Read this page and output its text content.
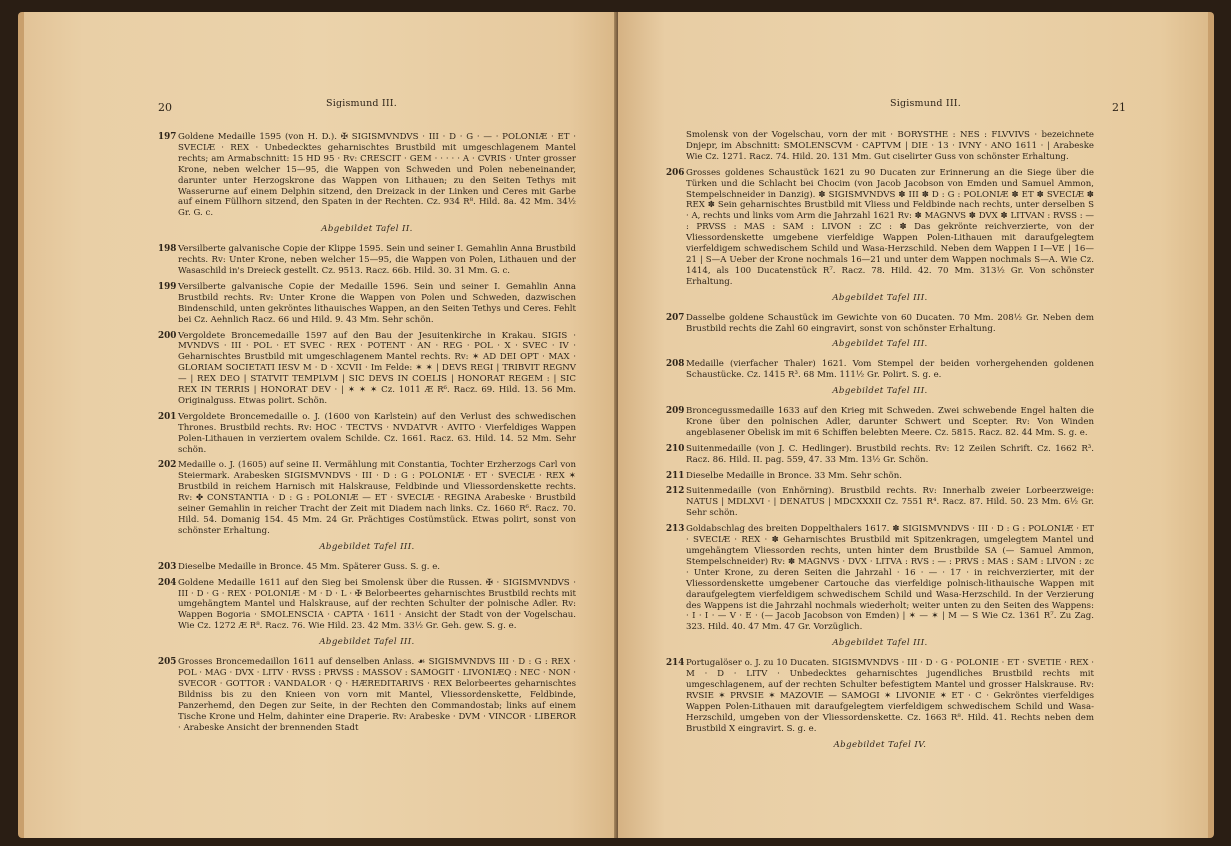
20	Sigismund III.
197 Goldene Medaille 1595 (von H. D.). ✠ SIGISMVNDVS · III · D · G · — · POLONIÆ · ET · SVECIÆ · REX · Unbedecktes geharnischtes Brustbild mit umgeschlagenem Mantel rechts; am Armabschnitt: 15 HD 95 · Rv: CRESCIT · GEM · · · · · A · CVRIS · Unter grosser Krone, neben welcher 15—95, die Wappen von Schweden und Polen nebeneinander, darunter unter Herzogskrone das Wappen von Lithauen; zu den Seiten Tethys mit Wasserurne auf einem Delphin sitzend, den Dreizack in der Linken und Ceres mit Garbe auf einem Füllhorn sitzend, den Spaten in der Rechten. Cz. 934 R⁸. Hild. 8a. 42 Mm. 34½ Gr. G. c.
Abgebildet Tafel II.
198 Versilberte galvanische Copie der Klippe 1595. Sein und seiner I. Gemahlin Anna Brustbild rechts. Rv: Unter Krone, neben welcher 15—95, die Wappen von Polen, Lithauen und der Wasaschild in's Dreieck gestellt. Cz. 9513. Racz. 66b. Hild. 30. 31 Mm. G. c.
199 Versilberte galvanische Copie der Medaille 1596. Sein und seiner I. Gemahlin Anna Brustbild rechts. Rv: Unter Krone die Wappen von Polen und Schweden, dazwischen Bindenschild, unten gekröntes lithauisches Wappen, an den Seiten Tethys und Ceres. Fehlt bei Cz. Aehnlich Racz. 66 und Hild. 9. 43 Mm. Sehr schön.
200 Vergoldete Broncemedaille 1597 auf den Bau der Jesuitenkirche in Krakau. SIGIS · MVNDVS · III · POL · ET SVEC · REX · POTENT · AN · REG · POL · X · SVEC · IV · Geharnischtes Brustbild mit umgeschlagenem Mantel rechts. Rv: ✶ AD DEI OPT · MAX · GLORIAM SOCIETATI IESV M · D · XCVII · Im Felde: ✶ ✶ | DEVS REGI | TRIBVIT REGNV— | REX DEO | STATVIT TEMPLVM | SIC DEVS IN COELIS | HONORAT REGEM : | SIC REX IN TERRIS | HONORAT DEV · | ✶ ✶ ✶ Cz. 1011 Æ R⁶. Racz. 69. Hild. 13. 56 Mm. Originalguss. Etwas polirt. Schön.
201 Vergoldete Broncemedaille o. J. (1600 von Karlstein) auf den Verlust des schwedischen Thrones. Brustbild rechts. Rv: HOC · TECTVS · NVDATVR · AVITO · Vierfeldiges Wappen Polen-Lithauen in verziertem ovalem Schilde. Cz. 1661. Racz. 63. Hild. 14. 52 Mm. Sehr schön.
202 Medaille o. J. (1605) auf seine II. Vermählung mit Constantia, Tochter Erzherzogs Carl von Steiermark. Arabesken SIGISMVNDVS · III · D : G : POLONIÆ · ET · SVECIÆ · REX ✶ Brustbild in reichem Harnisch mit Halskrause, Feldbinde und Vliessordenskette rechts. Rv: ✤ CONSTANTIA · D : G : POLONIÆ — ET · SVECIÆ · REGINA Arabeske · Brustbild seiner Gemahlin in reicher Tracht der Zeit mit Diadem nach links. Cz. 1660 R⁶. Racz. 70. Hild. 54. Domanig 154. 45 Mm. 24 Gr. Prächtiges Costümstück. Etwas polirt, sonst von schönster Erhaltung.
Abgebildet Tafel III.
203 Dieselbe Medaille in Bronce. 45 Mm. Späterer Guss. S. g. e.
204 Goldene Medaille 1611 auf den Sieg bei Smolensk über die Russen. ✠ · SIGISMVNDVS · III · D · G · REX · POLONIÆ · M · D · L · ✠ Belorbeertes geharnischtes Brustbild rechts mit umgehängtem Mantel und Halskrause, auf der rechten Schulter der polnische Adler. Rv: Wappen Bogoria · SMOLENSCIA · CAPTA · 1611 · Ansicht der Stadt von der Vogelschau. Wie Cz. 1272 Æ R⁸. Racz. 76. Wie Hild. 23. 42 Mm. 33½ Gr. Geh. gew. S. g. e.
Abgebildet Tafel III.
205 Grosses Broncemedaillon 1611 auf denselben Anlass. ☙ SIGISMVNDVS III · D : G : REX · POL · MAG · DVX · LITV · RVSS : PRVSS : MASSOV : SAMOGIT · LIVONIÆQ : NEC · NON · SVECOR · GOTTOR : VANDALOR · Q · HÆREDITARIVS · REX Belorbeertes geharnischtes Bildniss bis zu den Knieen von vorn mit Mantel, Vliessordenskette, Feldbinde, Panzerhemd, den Degen zur Seite, in der Rechten den Commandostab; links auf einem Tische Krone und Helm, dahinter eine Draperie. Rv: Arabeske · DVM · VINCOR · LIBEROR · Arabeske Ansicht der brennenden Stadt
Sigismund III.	21
Smolensk von der Vogelschau, vorn der mit · BORYSTHE : NES : FLVVIVS · bezeichnete Dnjepr, im Abschnitt: SMOLENSCVM · CAPTVM | DIE · 13 · IVNY · ANO 1611 · | Arabeske Wie Cz. 1271. Racz. 74. Hild. 20. 131 Mm. Gut ciselirter Guss von schönster Erhaltung.
206 Grosses goldenes Schaustück 1621 zu 90 Ducaten zur Erinnerung an die Siege über die Türken und die Schlacht bei Chocim (von Jacob Jacobson von Emden und Samuel Ammon, Stempelschneider in Danzig). ✽ SIGISMVNDVS ✽ III ✽ D : G : POLONIÆ ✽ ET ✽ SVECIÆ ✽ REX ✽ Sein geharnischtes Brustbild mit Vliess und Feldbinde nach rechts, unter derselben S · A, rechts und links vom Arm die Jahrzahl 1621 Rv: ✽ MAGNVS ✽ DVX ✽ LITVAN : RVSS : — : PRVSS : MAS : SAM : LIVON : ZC : ✽ Das gekrönte reichverzierte, von der Vliessordenskette umgebene vierfeldige Wappen Polen-Lithauen mit daraufgelegtem vierfeldigem schwedischem Schild und Wasa-Herzschild. Neben dem Wappen I I—VE | 16—21 | S—A Ueber der Krone nochmals 16—21 und unter dem Wappen nochmals S—A. Wie Cz. 1414, als 100 Ducatenstück R⁷. Racz. 78. Hild. 42. 70 Mm. 313½ Gr. Von schönster Erhaltung.
Abgebildet Tafel III.
207 Dasselbe goldene Schaustück im Gewichte von 60 Ducaten. 70 Mm. 208½ Gr. Neben dem Brustbild rechts die Zahl 60 eingravirt, sonst von schönster Erhaltung.
Abgebildet Tafel III.
208 Medaille (vierfacher Thaler) 1621. Vom Stempel der beiden vorhergehenden goldenen Schaustücke. Cz. 1415 R³. 68 Mm. 111½ Gr. Polirt. S. g. e.
Abgebildet Tafel III.
209 Broncegussmedaille 1633 auf den Krieg mit Schweden. Zwei schwebende Engel halten die Krone über den polnischen Adler, darunter Schwert und Scepter. Rv: Von Winden angeblasener Obelisk im mit 6 Schiffen belebten Meere. Cz. 5815. Racz. 82. 44 Mm. S. g. e.
210 Suitenmedaille (von J. C. Hedlinger). Brustbild rechts. Rv: 12 Zeilen Schrift. Cz. 1662 R³. Racz. 86. Hild. II. pag. 559, 47. 33 Mm. 13½ Gr. Schön.
211 Dieselbe Medaille in Bronce. 33 Mm. Sehr schön.
212 Suitenmedaille (von Enhörning). Brustbild rechts. Rv: Innerhalb zweier Lorbeerzweige: NATUS | MDLXVI · | DENATUS | MDCXXXII Cz. 7551 R⁴. Racz. 87. Hild. 50. 23 Mm. 6½ Gr. Sehr schön.
213 Goldabschlag des breiten Doppelthalers 1617. ✽ SIGISMVNDVS · III · D : G : POLONIÆ · ET · SVECIÆ · REX · ✽ Geharnischtes Brustbild mit Spitzenkragen, umgelegtem Mantel und umgehängtem Vliessorden rechts, unten hinter dem Brustbilde SA (— Samuel Ammon, Stempelschneider) Rv: ✽ MAGNVS · DVX · LITVA : RVS : — : PRVS : MAS : SAM : LIVON : zc · Unter Krone, zu deren Seiten die Jahrzahl · 16 · — · 17 · in reichverzierter, mit der Vliessordenskette umgebener Cartouche das vierfeldige polnisch-lithauische Wappen mit daraufgelegtem vierfeldigem schwedischem Schild und Wasa-Herzschild. In der Verzierung des Wappens ist die Jahrzahl nochmals wiederholt; weiter unten zu den Seiten des Wappens: · I · I · — V · E · (— Jacob Jacobson von Emden) | ✶ — ✶ | M — S Wie Cz. 1361 R⁷. Zu Zag. 323. Hild. 40. 47 Mm. 47 Gr. Vorzüglich.
Abgebildet Tafel III.
214 Portugalöser o. J. zu 10 Ducaten. SIGISMVNDVS · III · D · G · POLONIE · ET · SVETIE · REX · M · D · LITV · Unbedecktes geharnischtes jugendliches Brustbild rechts mit umgeschlagenem, auf der rechten Schulter befestigtem Mantel und grosser Halskrause. Rv: RVSIE ✶ PRVSIE ✶ MAZOVIE — SAMOGI ✶ LIVONIE ✶ ET · C · Gekröntes vierfeldiges Wappen Polen-Lithauen mit daraufgelegtem vierfeldigem schwedischem Schild und Wasa-Herzschild, umgeben von der Vliessordenskette. Cz. 1663 R⁸. Hild. 41. Rechts neben dem Brustbild X eingravirt. S. g. e.
Abgebildet Tafel IV.
